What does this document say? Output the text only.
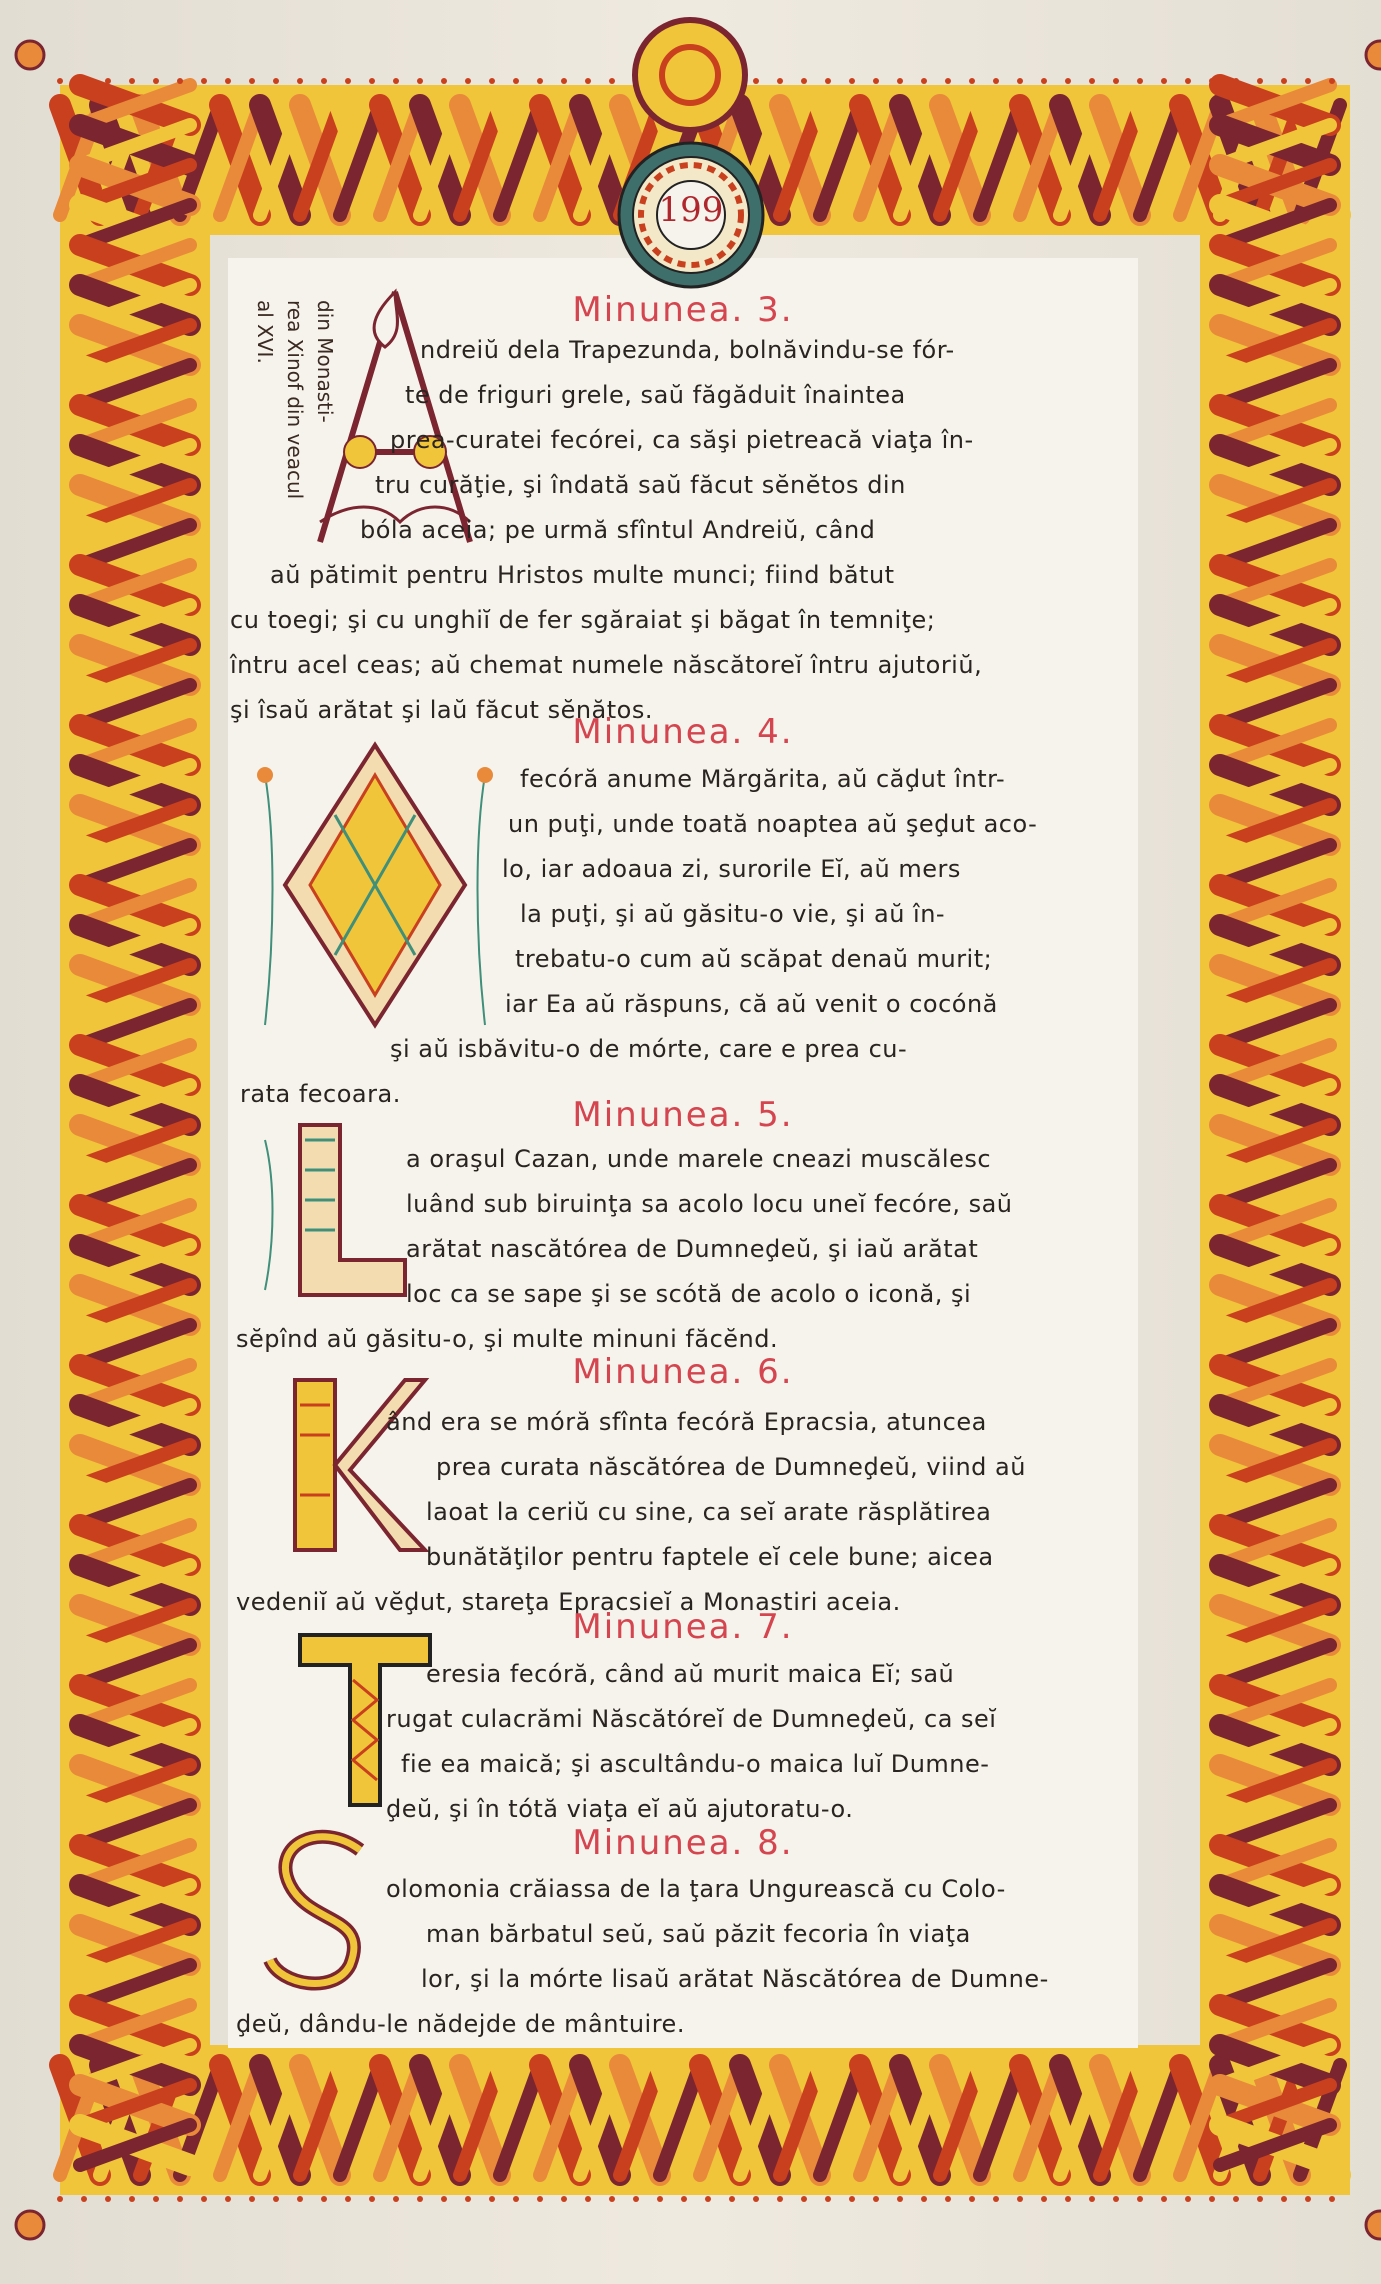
199
din Monasti-
rea Xinof din veacul
al XVI.	Minunea. 3.
A
ndreiŭ dela Trapezunda, bolnăvindu-se fór-
te de friguri grele, saŭ făgăduit înaintea
prea-curatei fecórei, ca săşi pietreacă viaţa în-
tru curăţie, şi îndată saŭ făcut sĕnĕtos din
bóla aceia; pe urmă sfîntul Andreiŭ, când
aŭ pătimit pentru Hristos multe munci; fiind bătut
cu toegi; şi cu unghiĭ de fer sgăraiat şi băgat în temniţe;
întru acel ceas; aŭ chemat numele născătoreĭ întru ajutoriŭ,
şi îsaŭ arătat şi laŭ făcut sĕnătos.
Minunea. 4.
O
fecóră anume Mărgărita, aŭ căḑut într-
un puţi, unde toată noaptea aŭ şeḑut aco-
lo, iar adoaua zi, surorile Eĭ, aŭ mers
la puţi, şi aŭ găsitu-o vie, şi aŭ în-
trebatu-o cum aŭ scăpat denaŭ murit;
iar Ea aŭ răspuns, că aŭ venit o cocónă
şi aŭ isbăvitu-o de mórte, care e prea cu-
rata fecoara.
Minunea. 5.
L
a oraşul Cazan, unde marele cneazi muscălesc
luând sub biruinţa sa acolo locu uneĭ fecóre, saŭ
arătat nascătórea de Dumneḑeŭ, şi iaŭ arătat
loc ca se sape şi se scótă de acolo o iconă, şi
sĕpînd aŭ găsitu-o, şi multe minuni făcĕnd.
Minunea. 6.
K
ând era se móră sfînta fecóră Epracsia, atuncea
prea curata născătórea de Dumneḑeŭ, viind aŭ
laoat la ceriŭ cu sine, ca seĭ arate răsplătirea
bunătăţilor pentru faptele eĭ cele bune; aicea
vedeniĭ aŭ vĕḑut, stareţa Epracsieĭ a Monastiri aceia.
Minunea. 7.
T
eresia fecóră, când aŭ murit maica Eĭ; saŭ
rugat culacrămi Născătóreĭ de Dumneḑeŭ, ca seĭ
fie ea maică; şi ascultându-o maica luĭ Dumne-
ḑeŭ, şi în tótă viaţa eĭ aŭ ajutoratu-o.
Minunea. 8.
S
olomonia crăiassa de la ţara Ungurească cu Colo-
man bărbatul seŭ, saŭ păzit fecoria în viaţa
lor, şi la mórte lisaŭ arătat Născătórea de Dumne-
ḑeŭ, dându-le nădejde de mântuire.
